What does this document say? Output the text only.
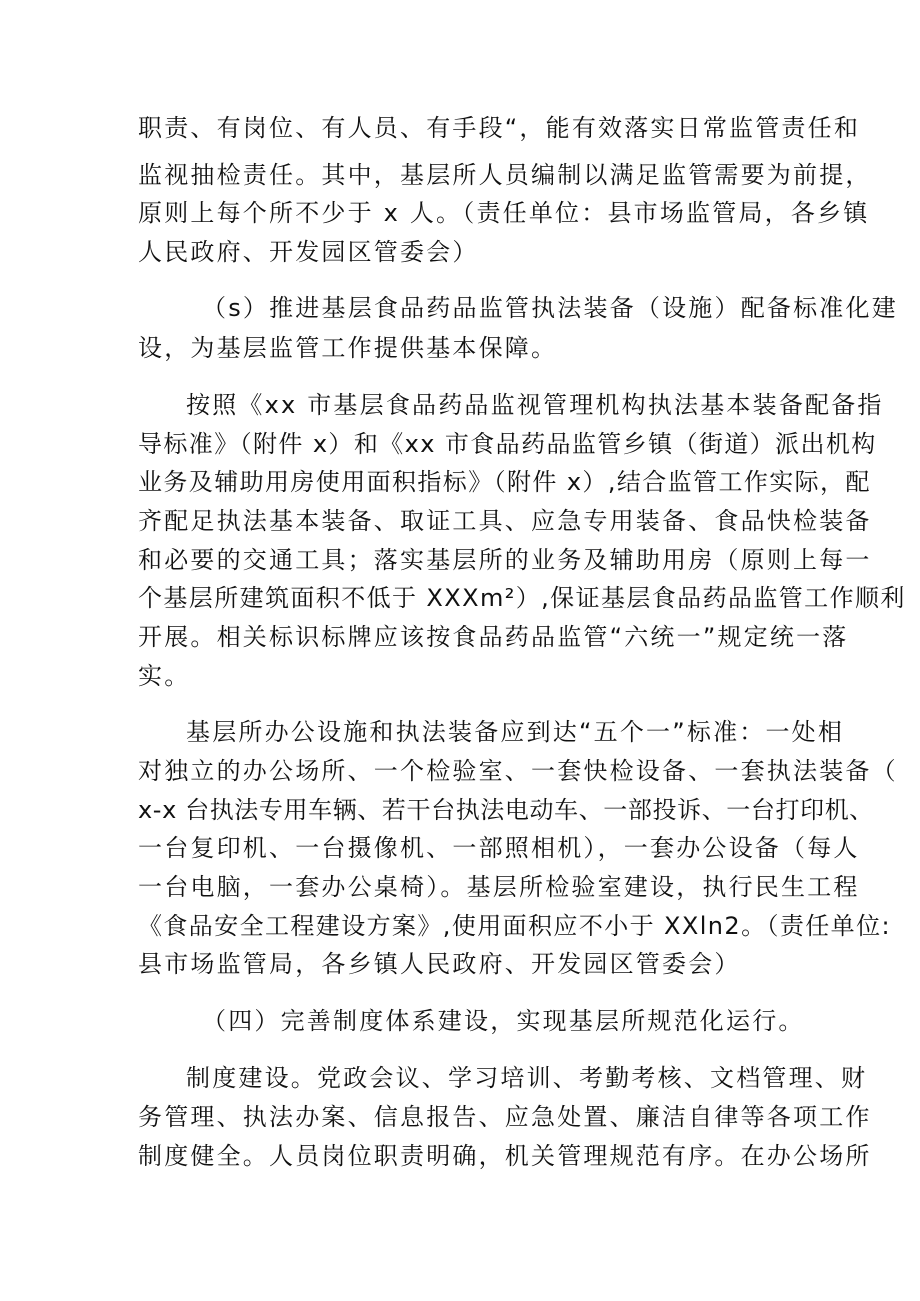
职责、有岗位、有人员、有手段“，能有效落实日常监管责任和
监视抽检责任。其中，基层所人员编制以满足监管需要为前提，
原则上每个所不少于 x 人。（责任单位：县市场监管局，各乡镇
人民政府、开发园区管委会）
（s）推进基层食品药品监管执法装备（设施）配备标准化建
设，为基层监管工作提供基本保障。
按照《xx 市基层食品药品监视管理机构执法基本装备配备指
导标准》（附件 x）和《xx 市食品药品监管乡镇（街道）派出机构
业务及辅助用房使用面积指标》（附件 x）,结合监管工作实际，配
齐配足执法基本装备、取证工具、应急专用装备、食品快检装备
和必要的交通工具；落实基层所的业务及辅助用房（原则上每一
个基层所建筑面积不低于 XXXm²）,保证基层食品药品监管工作顺利
开展。相关标识标牌应该按食品药品监管“六统一”规定统一落
实。
基层所办公设施和执法装备应到达“五个一”标准：一处相
对独立的办公场所、一个检验室、一套快检设备、一套执法装备（
x-x 台执法专用车辆、若干台执法电动车、一部投诉、一台打印机、
一台复印机、一台摄像机、一部照相机），一套办公设备（每人
一台电脑，一套办公桌椅）。基层所检验室建设，执行民生工程
《食品安全工程建设方案》,使用面积应不小于 XXln2。（责任单位:
县市场监管局，各乡镇人民政府、开发园区管委会）
（四）完善制度体系建设，实现基层所规范化运行。
制度建设。党政会议、学习培训、考勤考核、文档管理、财
务管理、执法办案、信息报告、应急处置、廉洁自律等各项工作
制度健全。人员岗位职责明确，机关管理规范有序。在办公场所
